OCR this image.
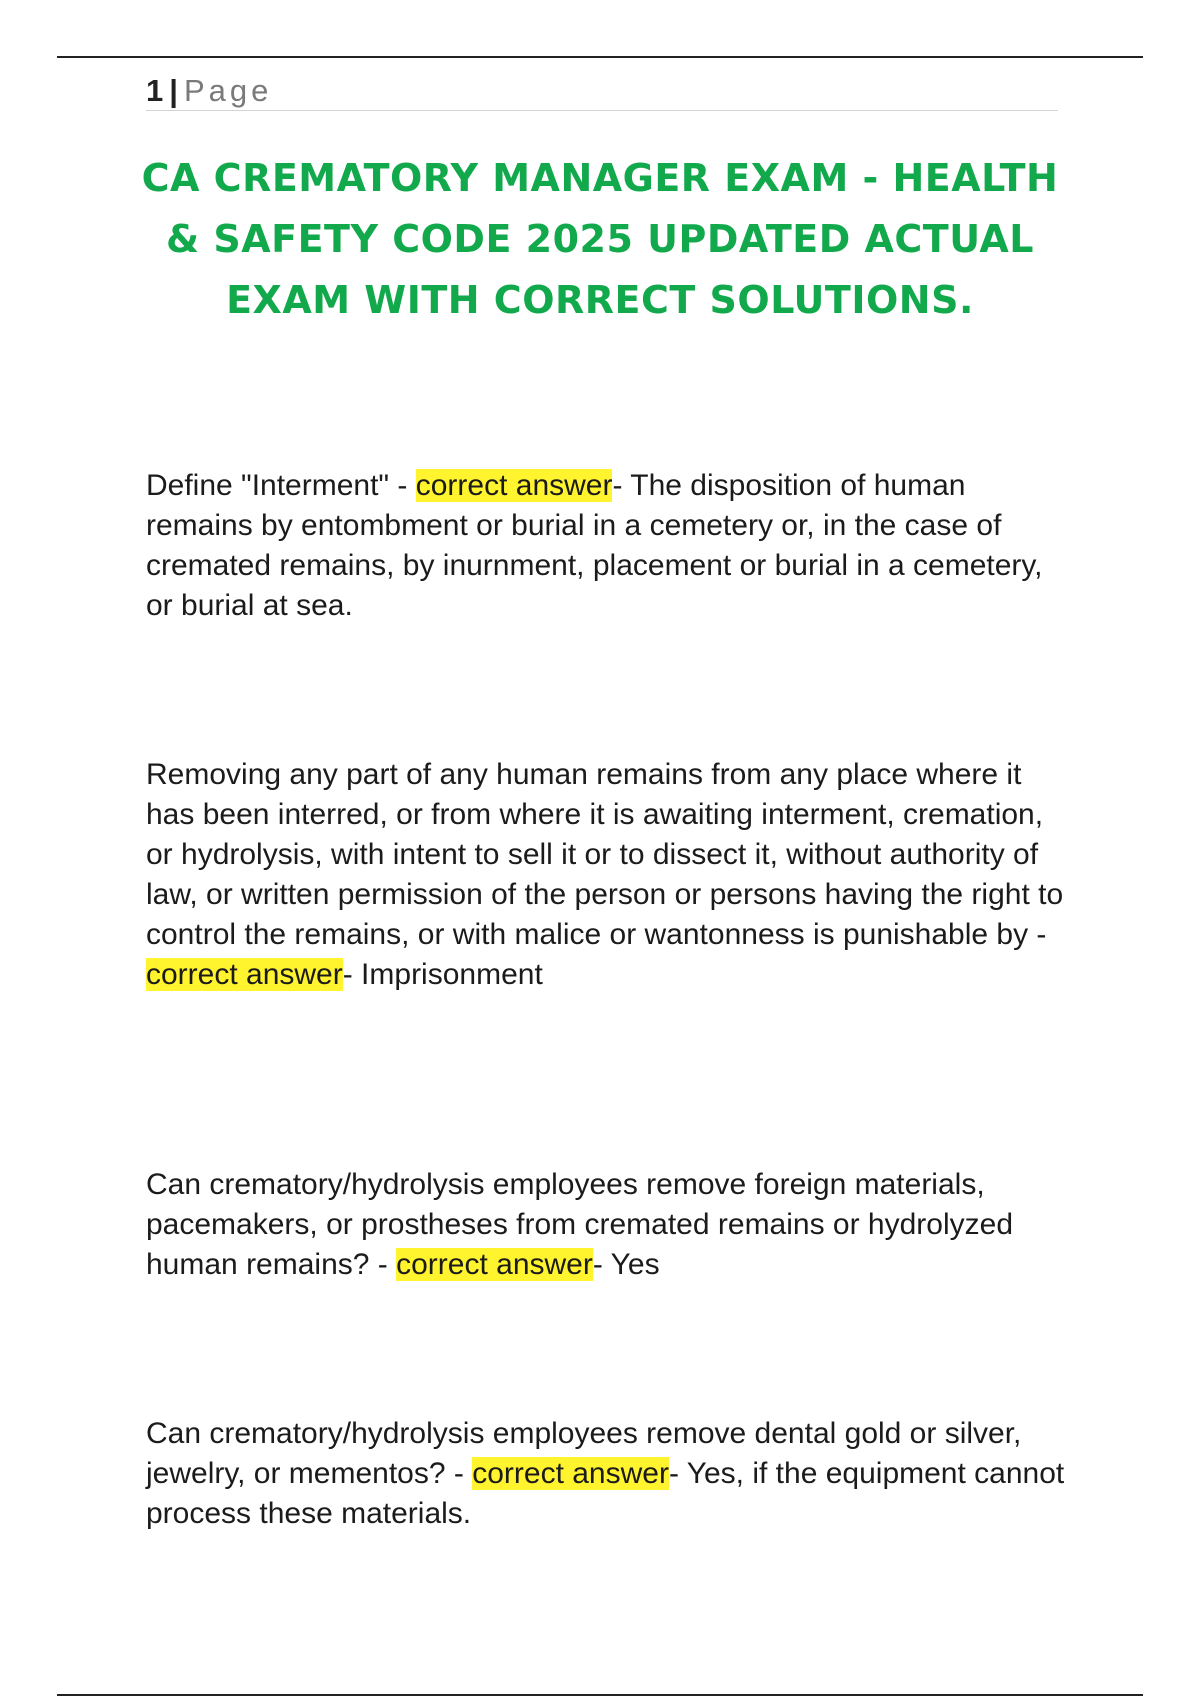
1 | Page
CA CREMATORY MANAGER EXAM - HEALTH & SAFETY CODE 2025 UPDATED ACTUAL EXAM WITH CORRECT SOLUTIONS.

Define "Interment" - correct answer- The disposition of human remains by entombment or burial in a cemetery or, in the case of cremated remains, by inurnment, placement or burial in a cemetery, or burial at sea.

Removing any part of any human remains from any place where it has been interred, or from where it is awaiting interment, cremation, or hydrolysis, with intent to sell it or to dissect it, without authority of law, or written permission of the person or persons having the right to control the remains, or with malice or wantonness is punishable by - correct answer- Imprisonment

Can crematory/hydrolysis employees remove foreign materials, pacemakers, or prostheses from cremated remains or hydrolyzed human remains? - correct answer- Yes

Can crematory/hydrolysis employees remove dental gold or silver, jewelry, or mementos? - correct answer- Yes, if the equipment cannot process these materials.
